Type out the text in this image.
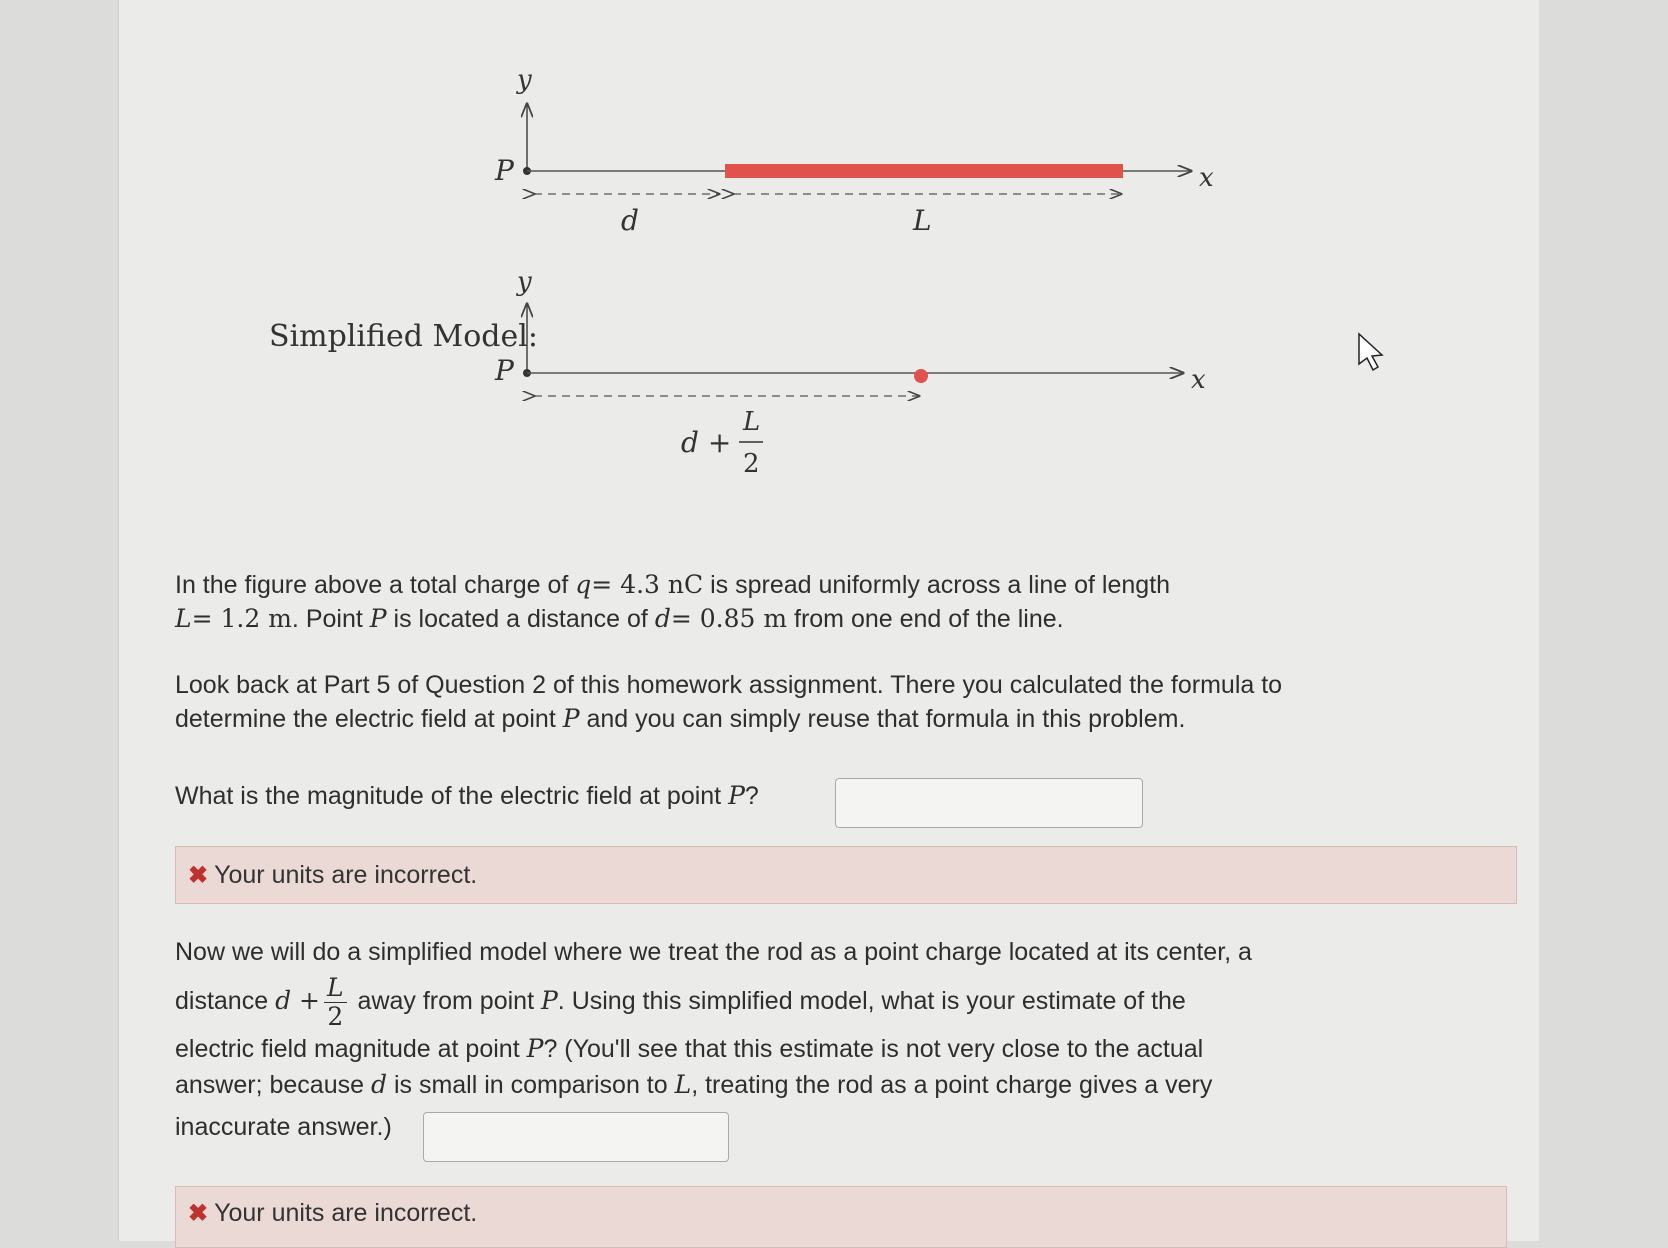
y
P	x
d	L
y
Simplified Model:
P	x
d +
L
2
In the figure above a total charge of q= 4.3 nC is spread uniformly across a line of length
L= 1.2 m. Point P is located a distance of d= 0.85 m from one end of the line.
Look back at Part 5 of Question 2 of this homework assignment. There you calculated the formula to
determine the electric field at point P and you can simply reuse that formula in this problem.
What is the magnitude of the electric field at point P?
✖ Your units are incorrect.
Now we will do a simplified model where we treat the rod as a point charge located at its center, a
distance $d + \frac{L}{2}$ away from point P. Using this simplified model, what is your estimate of the
electric field magnitude at point P? (You'll see that this estimate is not very close to the actual
answer; because d is small in comparison to L, treating the rod as a point charge gives a very
inaccurate answer.)
✖ Your units are incorrect.
